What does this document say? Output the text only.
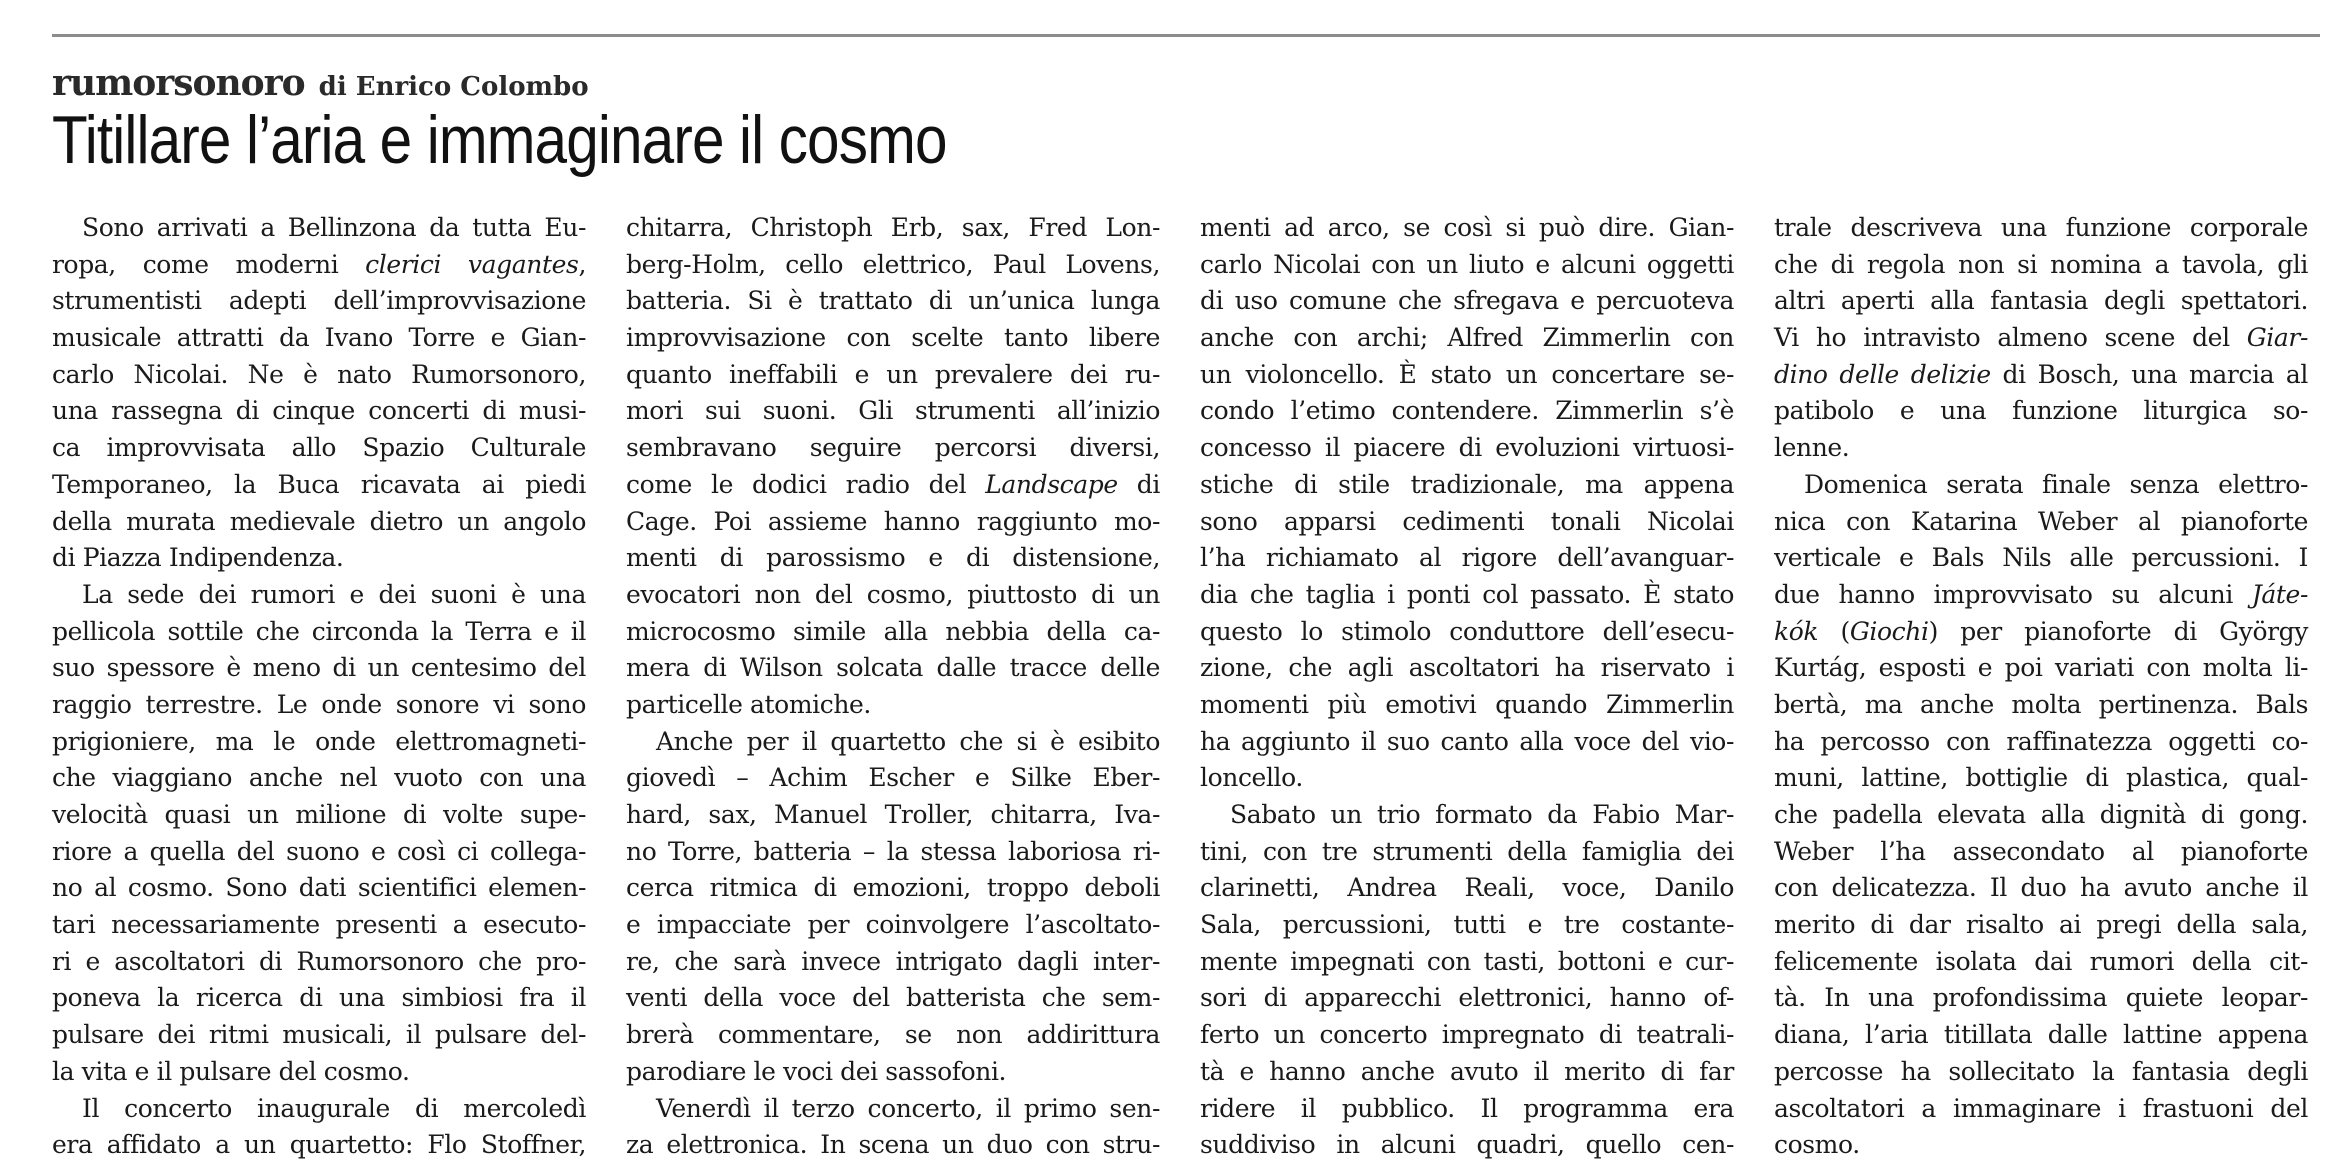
rumorsonoro di Enrico Colombo
Titillare l’aria e immaginare il cosmo
Sono arrivati a Bellinzona da tutta Eu-
ropa, come moderni clerici vagantes,
strumentisti adepti dell’improvvisazione
musicale attratti da Ivano Torre e Gian-
carlo Nicolai. Ne è nato Rumorsonoro,
una rassegna di cinque concerti di musi-
ca improvvisata allo Spazio Culturale
Temporaneo, la Buca ricavata ai piedi
della murata medievale dietro un angolo
di Piazza Indipendenza.
La sede dei rumori e dei suoni è una
pellicola sottile che circonda la Terra e il
suo spessore è meno di un centesimo del
raggio terrestre. Le onde sonore vi sono
prigioniere, ma le onde elettromagneti-
che viaggiano anche nel vuoto con una
velocità quasi un milione di volte supe-
riore a quella del suono e così ci collega-
no al cosmo. Sono dati scientifici elemen-
tari necessariamente presenti a esecuto-
ri e ascoltatori di Rumorsonoro che pro-
poneva la ricerca di una simbiosi fra il
pulsare dei ritmi musicali, il pulsare del-
la vita e il pulsare del cosmo.
Il concerto inaugurale di mercoledì
era affidato a un quartetto: Flo Stoffner,
chitarra, Christoph Erb, sax, Fred Lon-
berg-Holm, cello elettrico, Paul Lovens,
batteria. Si è trattato di un’unica lunga
improvvisazione con scelte tanto libere
quanto ineffabili e un prevalere dei ru-
mori sui suoni. Gli strumenti all’inizio
sembravano seguire percorsi diversi,
come le dodici radio del Landscape di
Cage. Poi assieme hanno raggiunto mo-
menti di parossismo e di distensione,
evocatori non del cosmo, piuttosto di un
microcosmo simile alla nebbia della ca-
mera di Wilson solcata dalle tracce delle
particelle atomiche.
Anche per il quartetto che si è esibito
giovedì – Achim Escher e Silke Eber-
hard, sax, Manuel Troller, chitarra, Iva-
no Torre, batteria – la stessa laboriosa ri-
cerca ritmica di emozioni, troppo deboli
e impacciate per coinvolgere l’ascoltato-
re, che sarà invece intrigato dagli inter-
venti della voce del batterista che sem-
brerà commentare, se non addirittura
parodiare le voci dei sassofoni.
Venerdì il terzo concerto, il primo sen-
za elettronica. In scena un duo con stru-
menti ad arco, se così si può dire. Gian-
carlo Nicolai con un liuto e alcuni oggetti
di uso comune che sfregava e percuoteva
anche con archi; Alfred Zimmerlin con
un violoncello. È stato un concertare se-
condo l’etimo contendere. Zimmerlin s’è
concesso il piacere di evoluzioni virtuosi-
stiche di stile tradizionale, ma appena
sono apparsi cedimenti tonali Nicolai
l’ha richiamato al rigore dell’avanguar-
dia che taglia i ponti col passato. È stato
questo lo stimolo conduttore dell’esecu-
zione, che agli ascoltatori ha riservato i
momenti più emotivi quando Zimmerlin
ha aggiunto il suo canto alla voce del vio-
loncello.
Sabato un trio formato da Fabio Mar-
tini, con tre strumenti della famiglia dei
clarinetti, Andrea Reali, voce, Danilo
Sala, percussioni, tutti e tre costante-
mente impegnati con tasti, bottoni e cur-
sori di apparecchi elettronici, hanno of-
ferto un concerto impregnato di teatrali-
tà e hanno anche avuto il merito di far
ridere il pubblico. Il programma era
suddiviso in alcuni quadri, quello cen-
trale descriveva una funzione corporale
che di regola non si nomina a tavola, gli
altri aperti alla fantasia degli spettatori.
Vi ho intravisto almeno scene del Giar-
dino delle delizie di Bosch, una marcia al
patibolo e una funzione liturgica so-
lenne.
Domenica serata finale senza elettro-
nica con Katarina Weber al pianoforte
verticale e Bals Nils alle percussioni. I
due hanno improvvisato su alcuni Játe-
kók (Giochi) per pianoforte di György
Kurtág, esposti e poi variati con molta li-
bertà, ma anche molta pertinenza. Bals
ha percosso con raffinatezza oggetti co-
muni, lattine, bottiglie di plastica, qual-
che padella elevata alla dignità di gong.
Weber l’ha assecondato al pianoforte
con delicatezza. Il duo ha avuto anche il
merito di dar risalto ai pregi della sala,
felicemente isolata dai rumori della cit-
tà. In una profondissima quiete leopar-
diana, l’aria titillata dalle lattine appena
percosse ha sollecitato la fantasia degli
ascoltatori a immaginare i frastuoni del
cosmo.
